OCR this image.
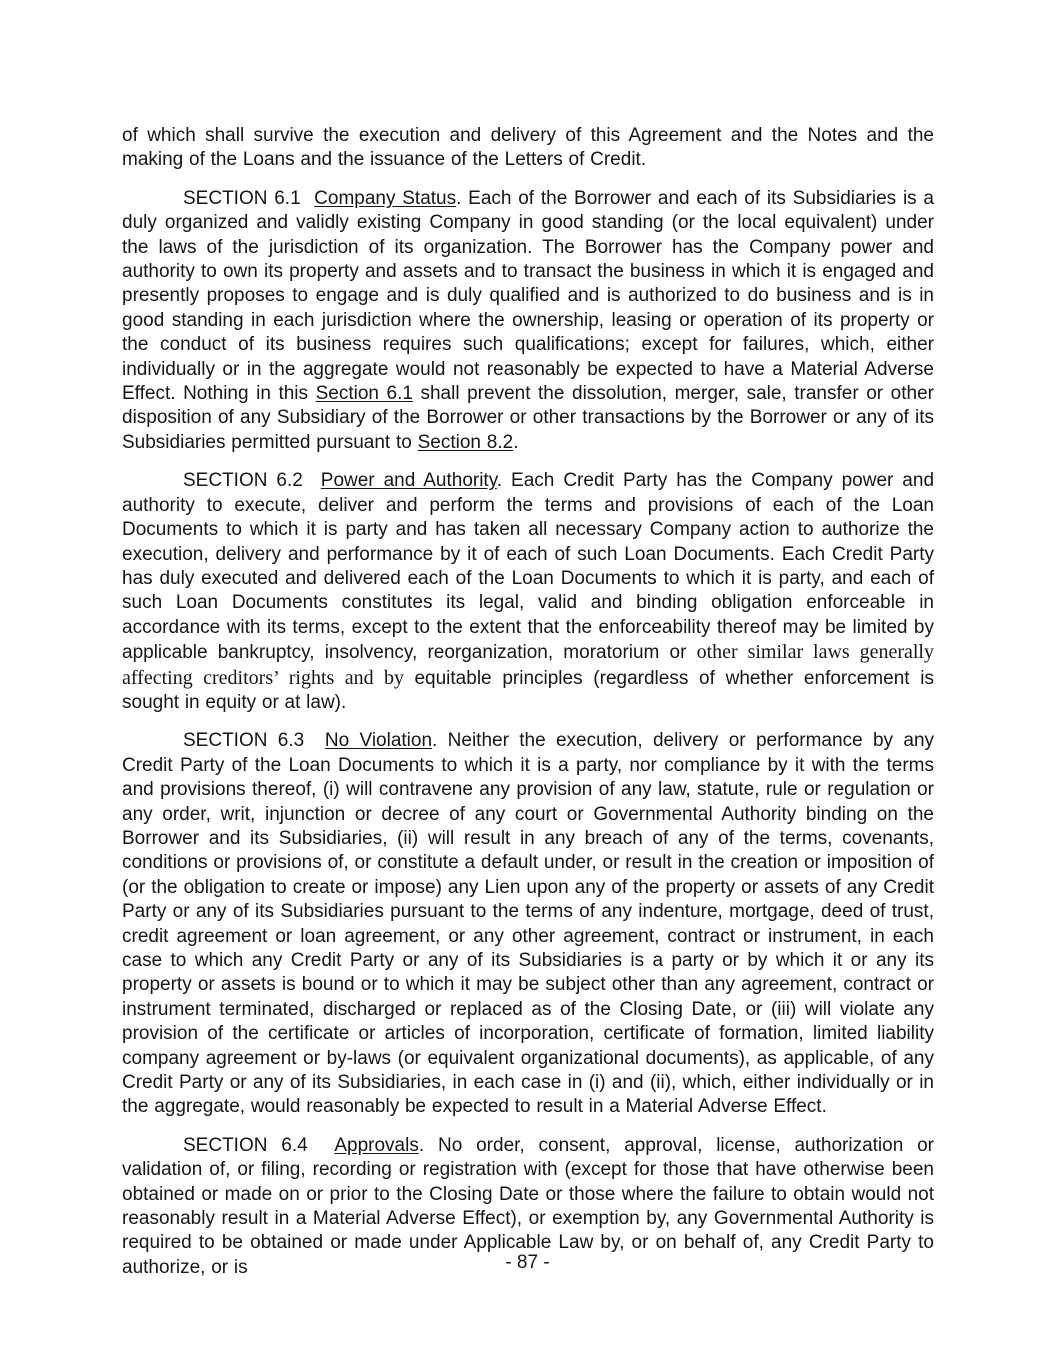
of which shall survive the execution and delivery of this Agreement and the Notes and the making of the Loans and the issuance of the Letters of Credit.
SECTION 6.1  Company Status. Each of the Borrower and each of its Subsidiaries is a duly organized and validly existing Company in good standing (or the local equivalent) under the laws of the jurisdiction of its organization. The Borrower has the Company power and authority to own its property and assets and to transact the business in which it is engaged and presently proposes to engage and is duly qualified and is authorized to do business and is in good standing in each jurisdiction where the ownership, leasing or operation of its property or the conduct of its business requires such qualifications; except for failures, which, either individually or in the aggregate would not reasonably be expected to have a Material Adverse Effect. Nothing in this Section 6.1 shall prevent the dissolution, merger, sale, transfer or other disposition of any Subsidiary of the Borrower or other transactions by the Borrower or any of its Subsidiaries permitted pursuant to Section 8.2.
SECTION 6.2  Power and Authority. Each Credit Party has the Company power and authority to execute, deliver and perform the terms and provisions of each of the Loan Documents to which it is party and has taken all necessary Company action to authorize the execution, delivery and performance by it of each of such Loan Documents. Each Credit Party has duly executed and delivered each of the Loan Documents to which it is party, and each of such Loan Documents constitutes its legal, valid and binding obligation enforceable in accordance with its terms, except to the extent that the enforceability thereof may be limited by applicable bankruptcy, insolvency, reorganization, moratorium or other similar laws generally affecting creditors’ rights and by equitable principles (regardless of whether enforcement is sought in equity or at law).
SECTION 6.3  No Violation. Neither the execution, delivery or performance by any Credit Party of the Loan Documents to which it is a party, nor compliance by it with the terms and provisions thereof, (i) will contravene any provision of any law, statute, rule or regulation or any order, writ, injunction or decree of any court or Governmental Authority binding on the Borrower and its Subsidiaries, (ii) will result in any breach of any of the terms, covenants, conditions or provisions of, or constitute a default under, or result in the creation or imposition of (or the obligation to create or impose) any Lien upon any of the property or assets of any Credit Party or any of its Subsidiaries pursuant to the terms of any indenture, mortgage, deed of trust, credit agreement or loan agreement, or any other agreement, contract or instrument, in each case to which any Credit Party or any of its Subsidiaries is a party or by which it or any its property or assets is bound or to which it may be subject other than any agreement, contract or instrument terminated, discharged or replaced as of the Closing Date, or (iii) will violate any provision of the certificate or articles of incorporation, certificate of formation, limited liability company agreement or by-laws (or equivalent organizational documents), as applicable, of any Credit Party or any of its Subsidiaries, in each case in (i) and (ii), which, either individually or in the aggregate, would reasonably be expected to result in a Material Adverse Effect.
SECTION 6.4  Approvals. No order, consent, approval, license, authorization or validation of, or filing, recording or registration with (except for those that have otherwise been obtained or made on or prior to the Closing Date or those where the failure to obtain would not reasonably result in a Material Adverse Effect), or exemption by, any Governmental Authority is required to be obtained or made under Applicable Law by, or on behalf of, any Credit Party to authorize, or is	- 87 -
